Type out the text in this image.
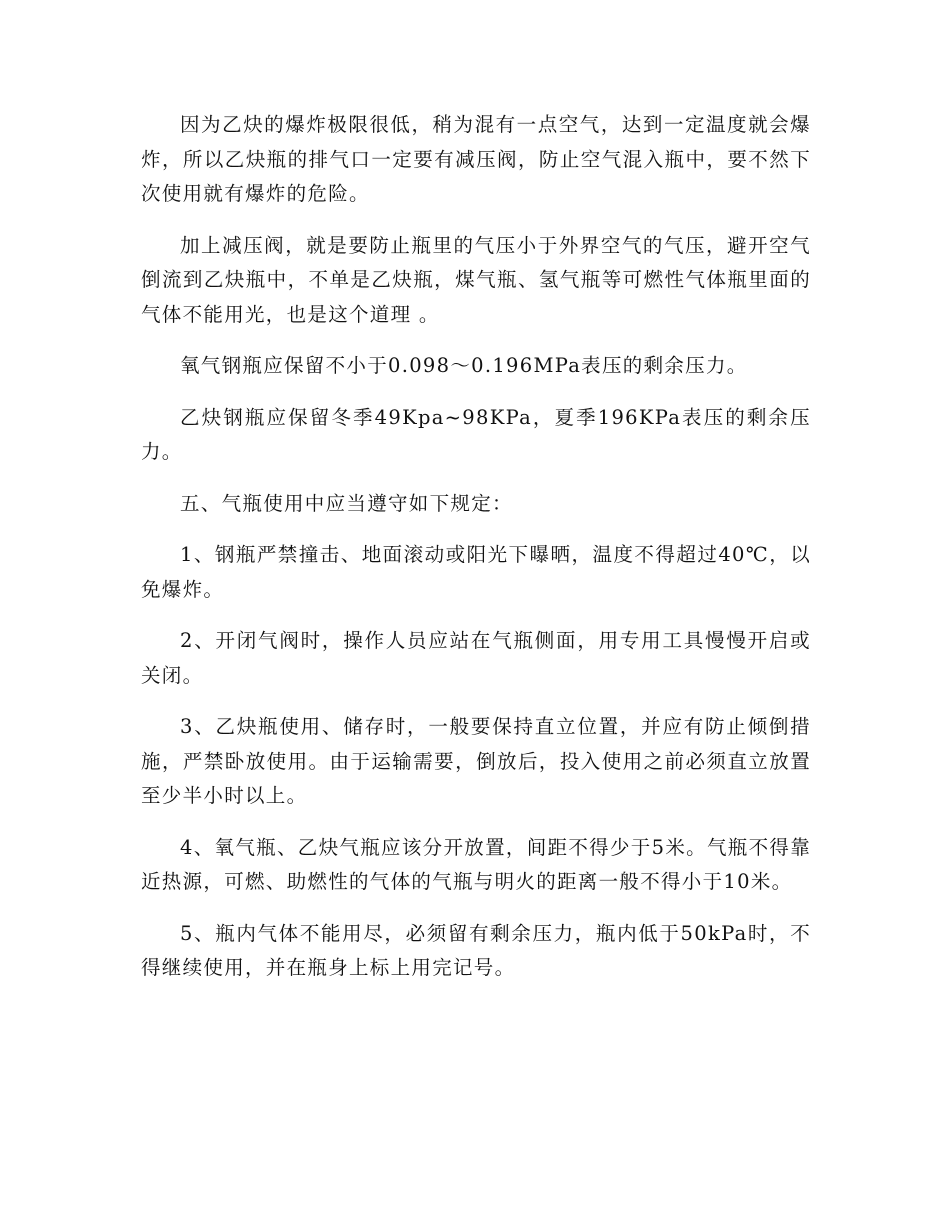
因为乙炔的爆炸极限很低，稍为混有一点空气，达到一定温度就会爆炸，所以乙炔瓶的排气口一定要有减压阀，防止空气混入瓶中，要不然下次使用就有爆炸的危险。

加上减压阀，就是要防止瓶里的气压小于外界空气的气压，避开空气倒流到乙炔瓶中，不单是乙炔瓶，煤气瓶、氢气瓶等可燃性气体瓶里面的气体不能用光，也是这个道理 。

氧气钢瓶应保留不小于0.098～0.196MPa表压的剩余压力。

乙炔钢瓶应保留冬季49Kpa~98KPa，夏季196KPa表压的剩余压力。

五、气瓶使用中应当遵守如下规定：

1、钢瓶严禁撞击、地面滚动或阳光下曝晒，温度不得超过40℃，以免爆炸。

2、开闭气阀时，操作人员应站在气瓶侧面，用专用工具慢慢开启或关闭。

3、乙炔瓶使用、储存时，一般要保持直立位置，并应有防止倾倒措施，严禁卧放使用。由于运输需要，倒放后，投入使用之前必须直立放置至少半小时以上。

4、氧气瓶、乙炔气瓶应该分开放置，间距不得少于5米。气瓶不得靠近热源，可燃、助燃性的气体的气瓶与明火的距离一般不得小于10米。

5、瓶内气体不能用尽，必须留有剩余压力，瓶内低于50kPa时，不得继续使用，并在瓶身上标上用完记号。
